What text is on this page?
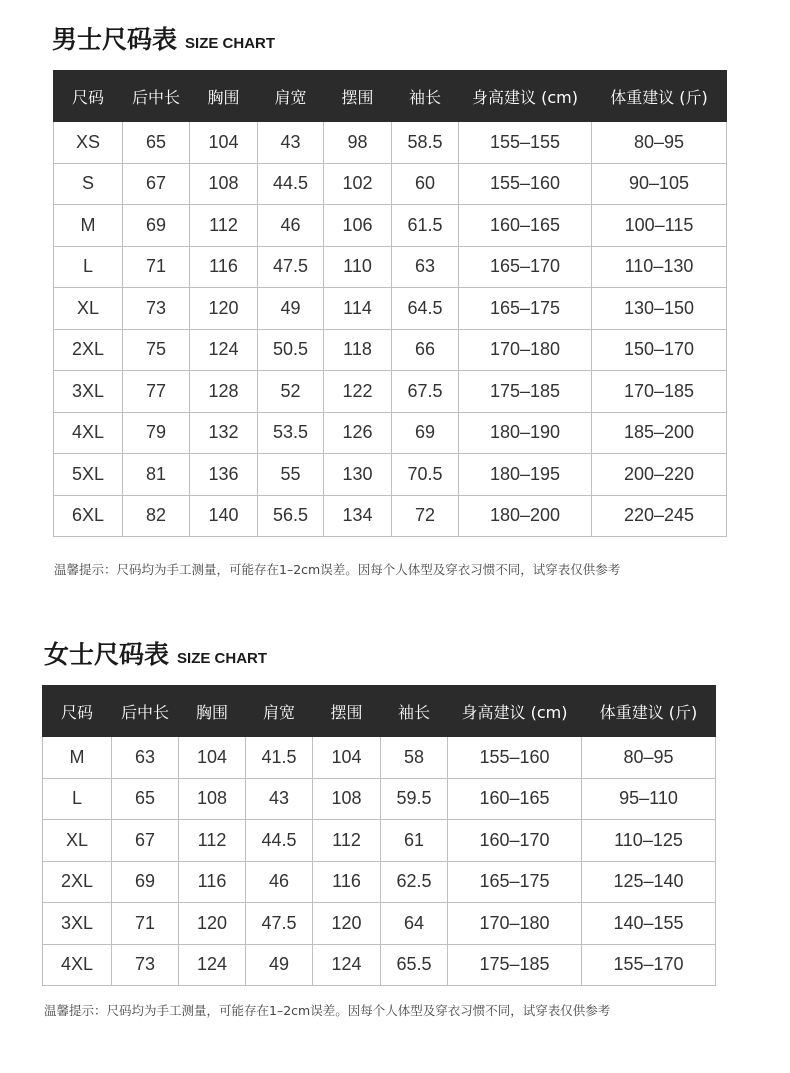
男士尺码表 SIZE CHART
尺码	后中长	胸围	肩宽	摆围	袖长	身高建议 (cm)	体重建议 (斤)
XS	65	104	43	98	58.5	155–155	80–95
S	67	108	44.5	102	60	155–160	90–105
M	69	112	46	106	61.5	160–165	100–115
L	71	116	47.5	110	63	165–170	110–130
XL	73	120	49	114	64.5	165–175	130–150
2XL	75	124	50.5	118	66	170–180	150–170
3XL	77	128	52	122	67.5	175–185	170–185
4XL	79	132	53.5	126	69	180–190	185–200
5XL	81	136	55	130	70.5	180–195	200–220
6XL	82	140	56.5	134	72	180–200	220–245
温馨提示：尺码均为手工测量，可能存在1–2cm误差。因每个人体型及穿衣习惯不同，试穿表仅供参考
女士尺码表 SIZE CHART
尺码	后中长	胸围	肩宽	摆围	袖长	身高建议 (cm)	体重建议 (斤)
M	63	104	41.5	104	58	155–160	80–95
L	65	108	43	108	59.5	160–165	95–110
XL	67	112	44.5	112	61	160–170	110–125
2XL	69	116	46	116	62.5	165–175	125–140
3XL	71	120	47.5	120	64	170–180	140–155
4XL	73	124	49	124	65.5	175–185	155–170
温馨提示：尺码均为手工测量，可能存在1–2cm误差。因每个人体型及穿衣习惯不同，试穿表仅供参考
